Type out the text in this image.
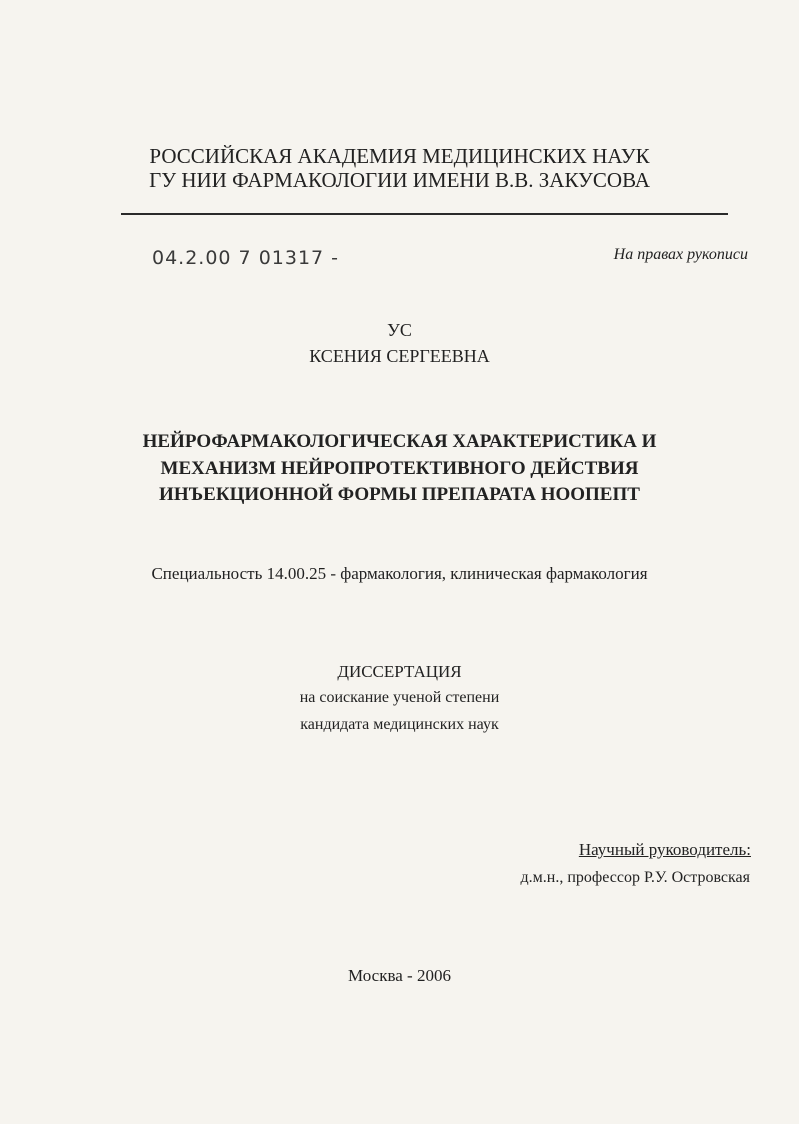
РОССИЙСКАЯ АКАДЕМИЯ МЕДИЦИНСКИХ НАУК
ГУ НИИ ФАРМАКОЛОГИИ ИМЕНИ В.В. ЗАКУСОВА
04.2.00 7 01317 -	На правах рукописи
УС
КСЕНИЯ СЕРГЕЕВНА
НЕЙРОФАРМАКОЛОГИЧЕСКАЯ ХАРАКТЕРИСТИКА И
МЕХАНИЗМ НЕЙРОПРОТЕКТИВНОГО ДЕЙСТВИЯ
ИНЪЕКЦИОННОЙ ФОРМЫ ПРЕПАРАТА НООПЕПТ
Специальность 14.00.25 - фармакология, клиническая фармакология
ДИССЕРТАЦИЯ
на соискание ученой степени
кандидата медицинских наук
Научный руководитель:
д.м.н., профессор Р.У. Островская
Москва - 2006
